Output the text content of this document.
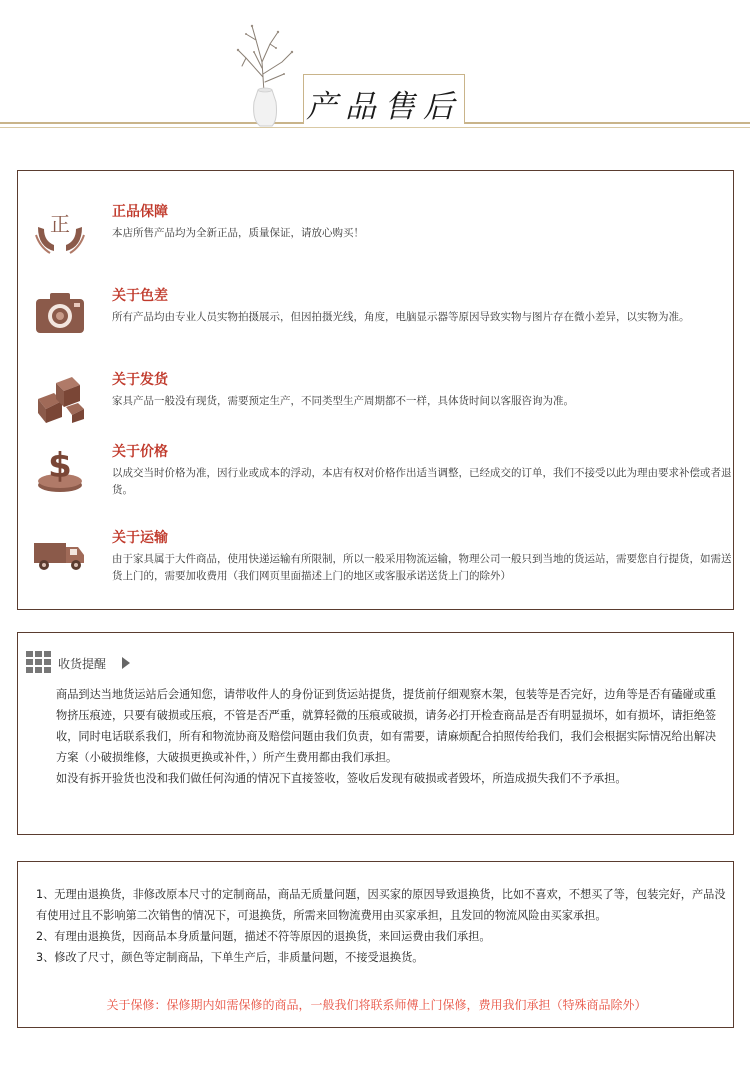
产品售后
正	正品保障
本店所售产品均为全新正品，质量保证，请放心购买！
关于色差
所有产品均由专业人员实物拍摄展示，但因拍摄光线，角度，电脑显示器等原因导致实物与图片存在微小差异，以实物为准。
关于发货
家具产品一般没有现货，需要预定生产，不同类型生产周期都不一样，具体货时间以客服咨询为准。
$	关于价格
以成交当时价格为准，因行业或成本的浮动，本店有权对价格作出适当调整，已经成交的订单，我们不接受以此为理由要求补偿或者退货。
关于运输
由于家具属于大件商品，使用快递运输有所限制，所以一般采用物流运输，物理公司一般只到当地的货运站，需要您自行提货，如需送货上门的，需要加收费用（我们网页里面描述上门的地区或客服承诺送货上门的除外）
收货提醒

商品到达当地货运站后会通知您，请带收件人的身份证到货运站提货，提货前仔细观察木架，包装等是否完好，边角等是否有磕碰或重物挤压痕迹，只要有破损或压痕，不管是否严重，就算轻微的压痕或破损，请务必打开检查商品是否有明显损坏，如有损坏，请拒绝签收，同时电话联系我们，所有和物流协商及赔偿问题由我们负责，如有需要，请麻烦配合拍照传给我们，我们会根据实际情况给出解决方案（小破损维修，大破损更换或补件，）所产生费用都由我们承担。

如没有拆开验货也没和我们做任何沟通的情况下直接签收，签收后发现有破损或者毁坏，所造成损失我们不予承担。

1、无理由退换货，非修改原本尺寸的定制商品，商品无质量问题，因买家的原因导致退换货，比如不喜欢，不想买了等，包装完好，产品没有使用过且不影响第二次销售的情况下，可退换货，所需来回物流费用由买家承担，且发回的物流风险由买家承担。

2、有理由退换货，因商品本身质量问题，描述不符等原因的退换货，来回运费由我们承担。

3、修改了尺寸，颜色等定制商品，下单生产后，非质量问题，不接受退换货。

关于保修：保修期内如需保修的商品，一般我们将联系师傅上门保修，费用我们承担（特殊商品除外）
